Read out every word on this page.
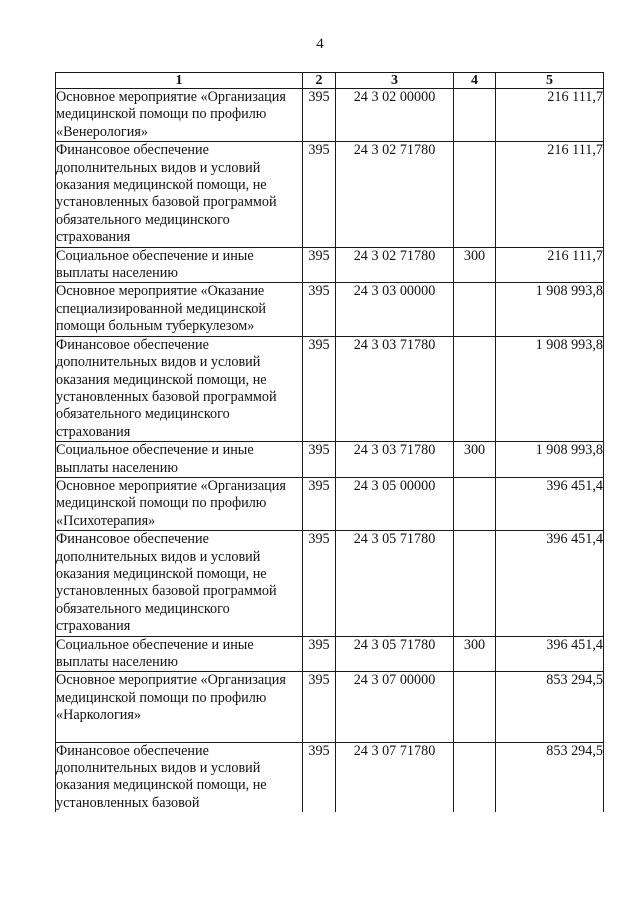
4
1	2	3	4	5
Основное мероприятие «Организация медицинской помощи по профилю «Венерология»	395	24 3 02 00000		216 111,7
Финансовое обеспечение дополнительных видов и условий оказания медицинской помощи, не установленных базовой программой обязательного медицинского страхования	395	24 3 02 71780		216 111,7
Социальное обеспечение и иные выплаты населению	395	24 3 02 71780	300	216 111,7
Основное мероприятие «Оказание специализированной медицинской помощи больным туберкулезом»	395	24 3 03 00000		1 908 993,8
Финансовое обеспечение дополнительных видов и условий оказания медицинской помощи, не установленных базовой программой обязательного медицинского страхования	395	24 3 03 71780		1 908 993,8
Социальное обеспечение и иные выплаты населению	395	24 3 03 71780	300	1 908 993,8
Основное мероприятие «Организация медицинской помощи по профилю «Психотерапия»	395	24 3 05 00000		396 451,4
Финансовое обеспечение дополнительных видов и условий оказания медицинской помощи, не установленных базовой программой обязательного медицинского страхования	395	24 3 05 71780		396 451,4
Социальное обеспечение и иные выплаты населению	395	24 3 05 71780	300	396 451,4
Основное мероприятие «Организация медицинской помощи по профилю «Наркология»	395	24 3 07 00000		853 294,5
Финансовое обеспечение дополнительных видов и условий оказания медицинской помощи, не установленных базовой	395	24 3 07 71780		853 294,5
